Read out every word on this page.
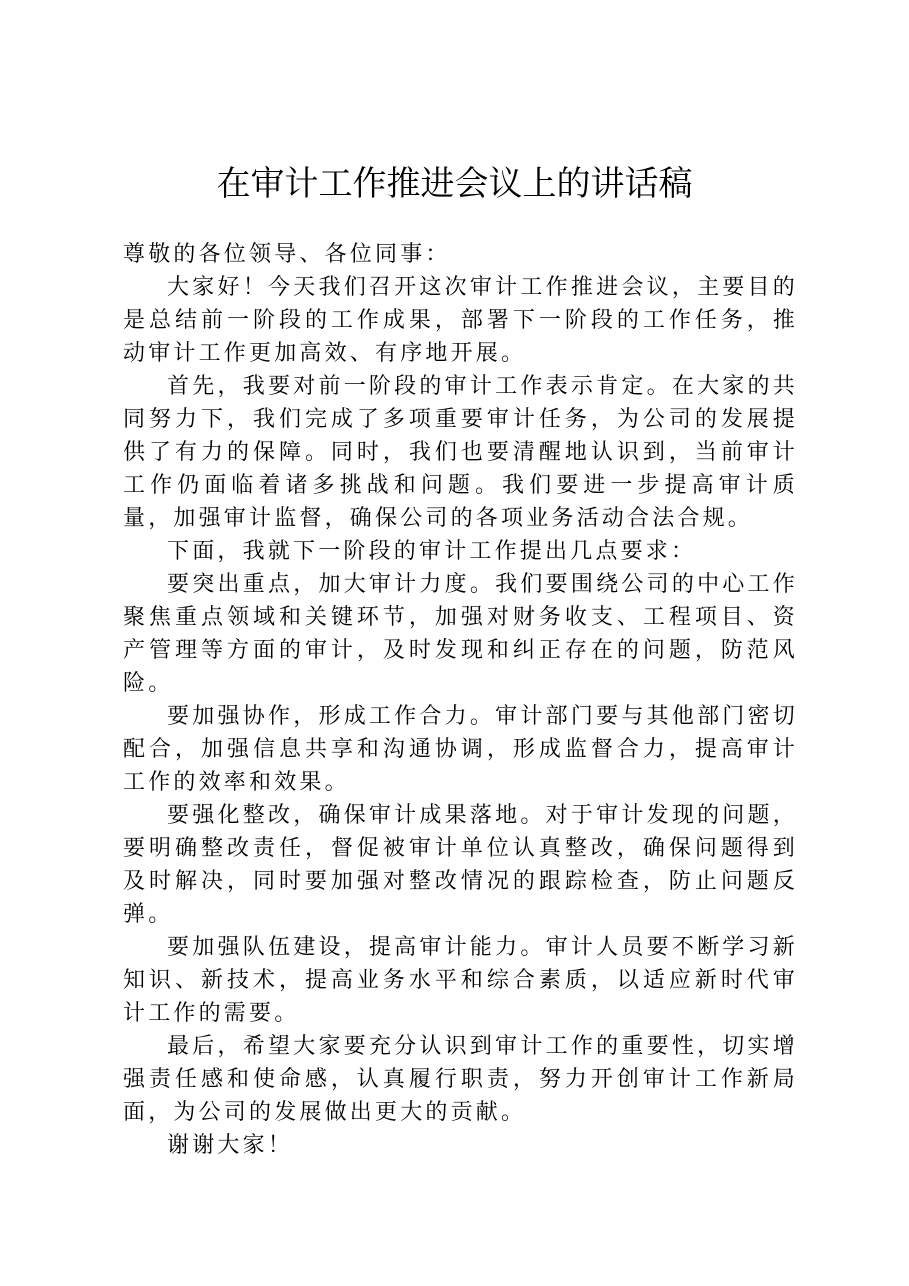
在审计工作推进会议上的讲话稿

尊敬的各位领导、各位同事：

大家好！今天我们召开这次审计工作推进会议，主要目的是总结前一阶段的工作成果，部署下一阶段的工作任务，推动审计工作更加高效、有序地开展。

首先，我要对前一阶段的审计工作表示肯定。在大家的共同努力下，我们完成了多项重要审计任务，为公司的发展提供了有力的保障。同时，我们也要清醒地认识到，当前审计工作仍面临着诸多挑战和问题。我们要进一步提高审计质量，加强审计监督，确保公司的各项业务活动合法合规。

下面，我就下一阶段的审计工作提出几点要求：

要突出重点，加大审计力度。我们要围绕公司的中心工作聚焦重点领域和关键环节，加强对财务收支、工程项目、资产管理等方面的审计，及时发现和纠正存在的问题，防范风险。

要加强协作，形成工作合力。审计部门要与其他部门密切配合，加强信息共享和沟通协调，形成监督合力，提高审计工作的效率和效果。

要强化整改，确保审计成果落地。对于审计发现的问题，要明确整改责任，督促被审计单位认真整改，确保问题得到及时解决，同时要加强对整改情况的跟踪检查，防止问题反弹。

要加强队伍建设，提高审计能力。审计人员要不断学习新知识、新技术，提高业务水平和综合素质，以适应新时代审计工作的需要。

最后，希望大家要充分认识到审计工作的重要性，切实增强责任感和使命感，认真履行职责，努力开创审计工作新局面，为公司的发展做出更大的贡献。

谢谢大家！
